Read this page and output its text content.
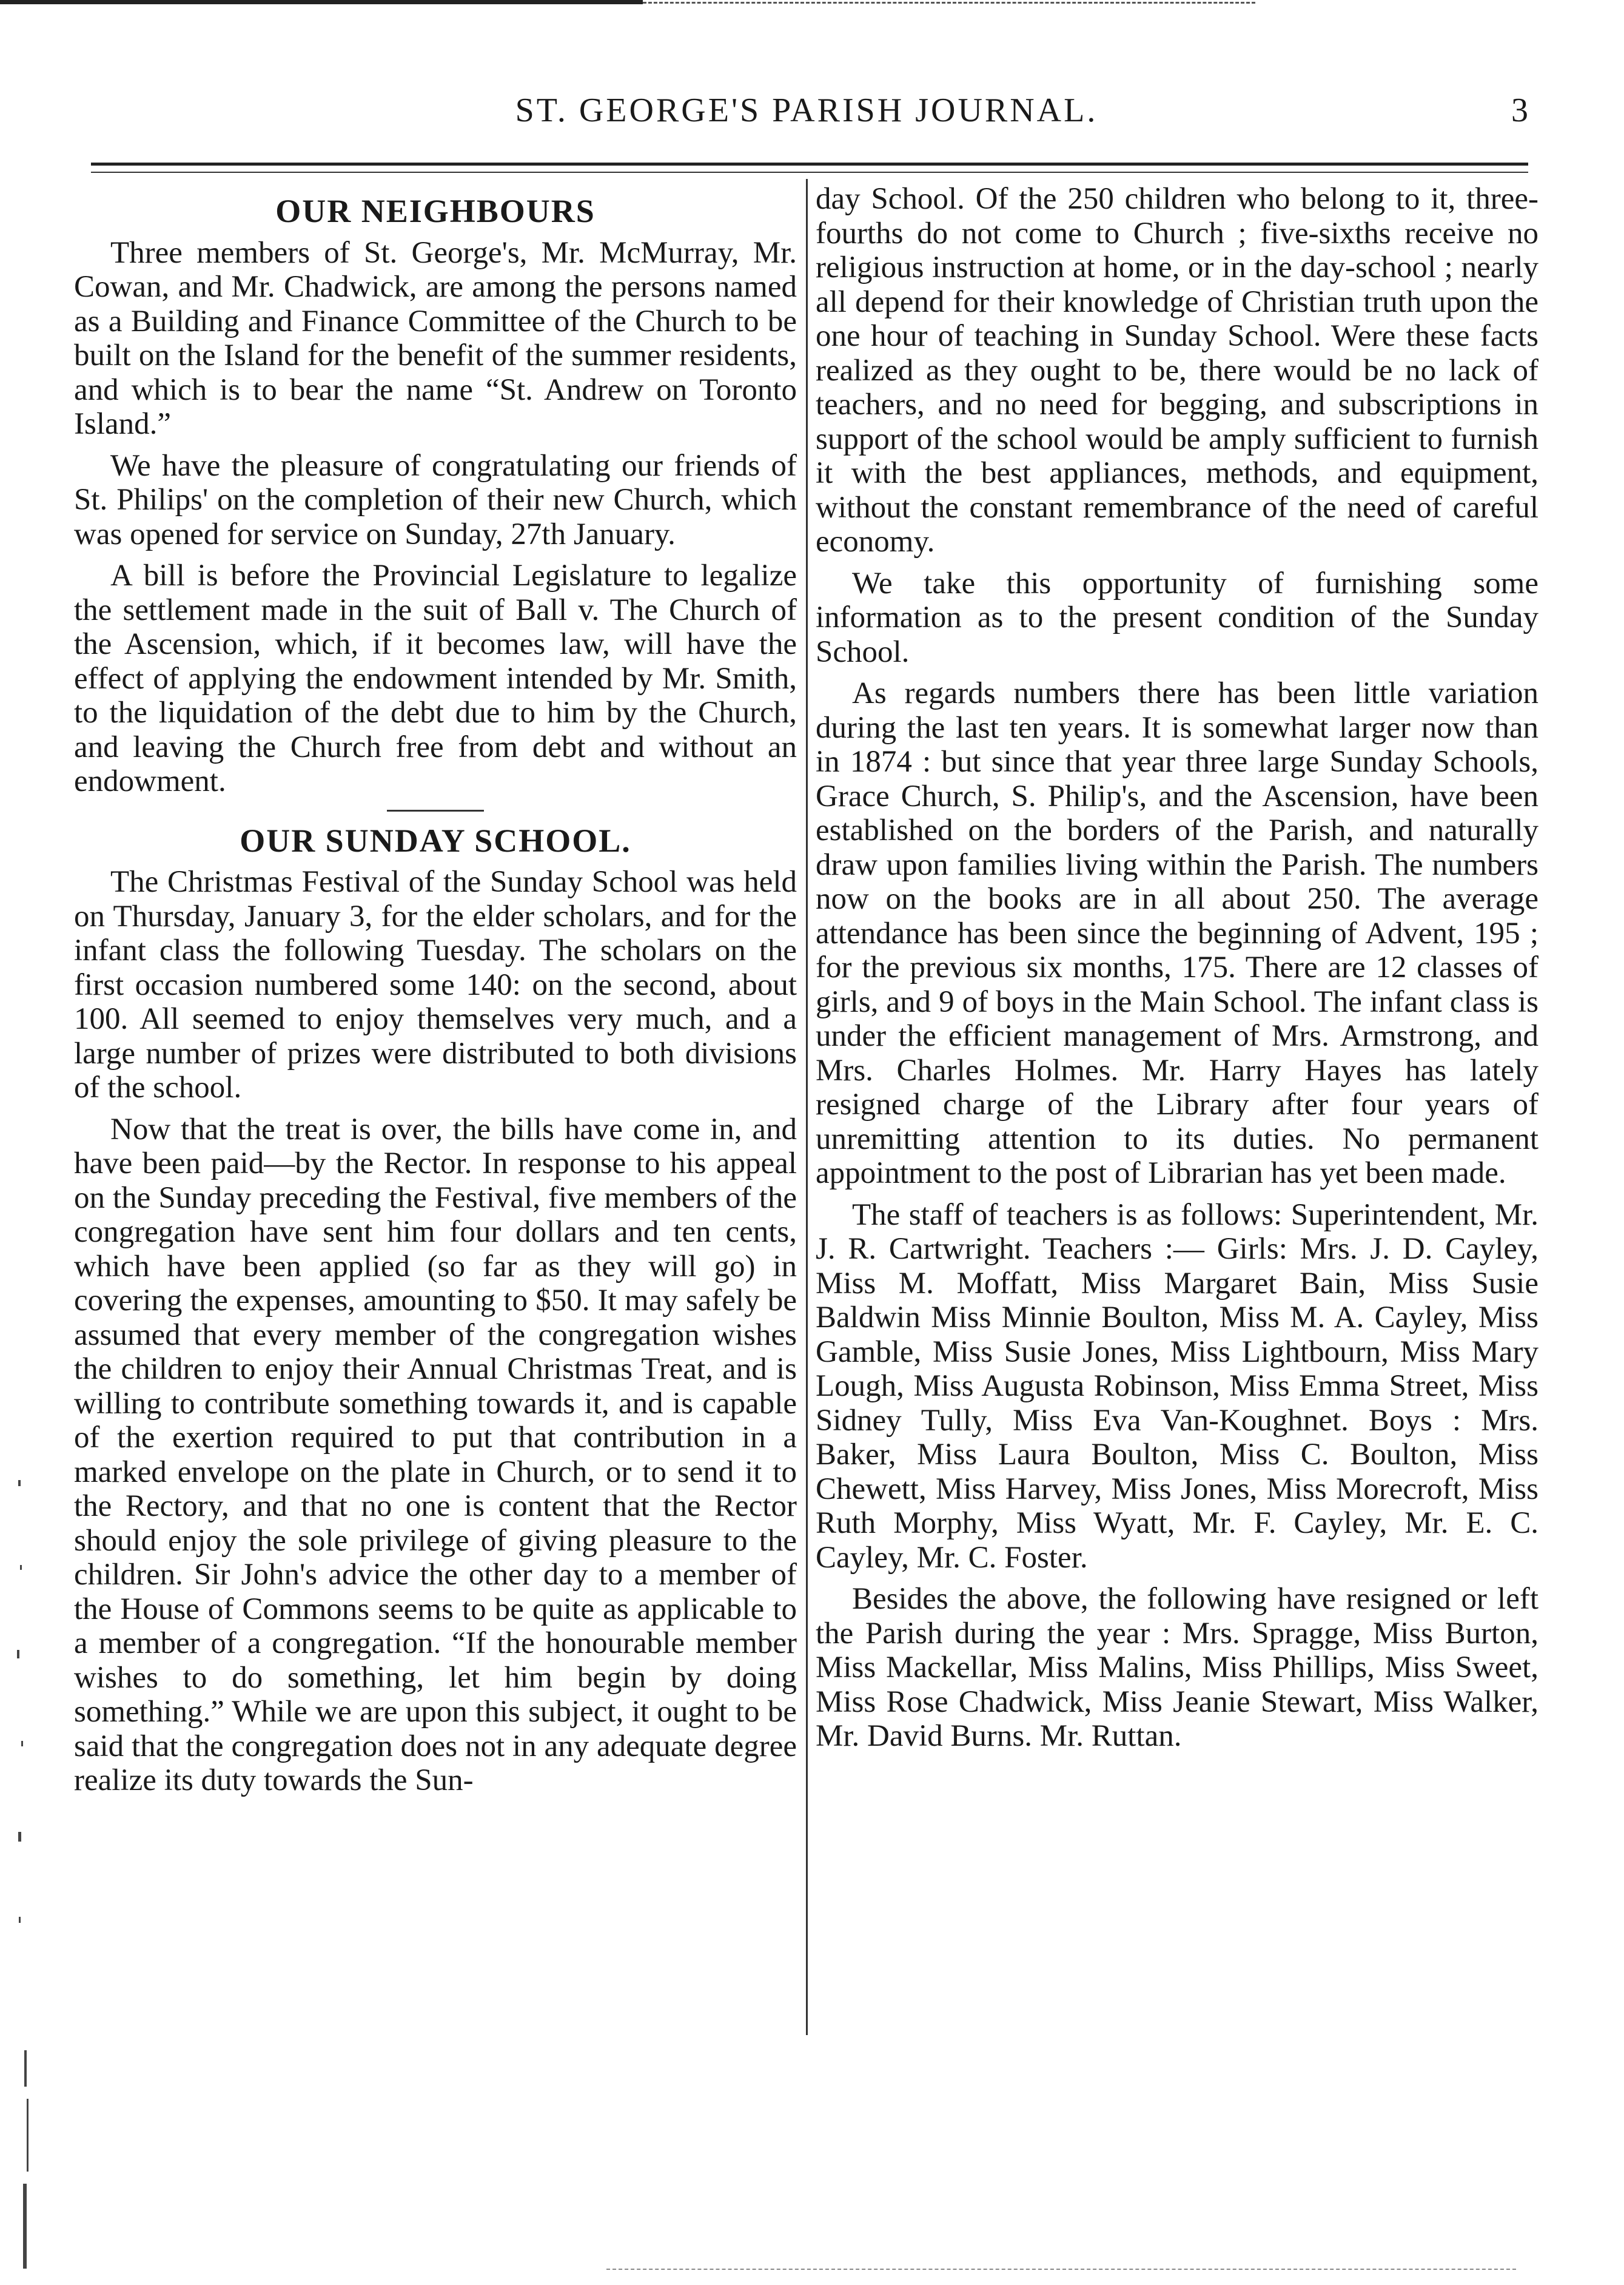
ST. GEORGE'S PARISH JOURNAL.	3
OUR NEIGHBOURS

Three members of St. George's, Mr. McMurray, Mr. Cowan, and Mr. Chadwick, are among the persons named as a Building and Finance Committee of the Church to be built on the Island for the benefit of the summer residents, and which is to bear the name “St. Andrew on Toronto Island.”

We have the pleasure of congratulating our friends of St. Philips' on the completion of their new Church, which was opened for service on Sunday, 27th January.

A bill is before the Provincial Legislature to legalize the settlement made in the suit of Ball v. The Church of the Ascension, which, if it becomes law, will have the effect of applying the endowment intended by Mr. Smith, to the liquidation of the debt due to him by the Church, and leaving the Church free from debt and without an endowment.

OUR SUNDAY SCHOOL.

The Christmas Festival of the Sunday School was held on Thursday, January 3, for the elder scholars, and for the infant class the following Tuesday. The scholars on the first occasion numbered some 140: on the second, about 100. All seemed to enjoy themselves very much, and a large number of prizes were distributed to both divisions of the school.

Now that the treat is over, the bills have come in, and have been paid—by the Rector. In response to his appeal on the Sunday preceding the Festival, five members of the congregation have sent him four dollars and ten cents, which have been applied (so far as they will go) in covering the expenses, amounting to $50. It may safely be assumed that every member of the congregation wishes the children to enjoy their Annual Christmas Treat, and is willing to contribute something towards it, and is capable of the exertion required to put that contribution in a marked envelope on the plate in Church, or to send it to the Rectory, and that no one is content that the Rector should enjoy the sole privilege of giving pleasure to the children. Sir John's advice the other day to a member of the House of Commons seems to be quite as applicable to a member of a congregation. “If the honourable member wishes to do something, let him begin by doing something.” While we are upon this subject, it ought to be said that the congregation does not in any adequate degree realize its duty towards the Sun-

day School. Of the 250 children who belong to it, three-fourths do not come to Church ; five-sixths receive no religious instruction at home, or in the day-school ; nearly all depend for their knowledge of Christian truth upon the one hour of teaching in Sunday School. Were these facts realized as they ought to be, there would be no lack of teachers, and no need for begging, and subscriptions in support of the school would be amply sufficient to furnish it with the best appliances, methods, and equipment, without the constant remembrance of the need of careful economy.

We take this opportunity of furnishing some information as to the present condition of the Sunday School.

As regards numbers there has been little variation during the last ten years. It is somewhat larger now than in 1874 : but since that year three large Sunday Schools, Grace Church, S. Philip's, and the Ascension, have been established on the borders of the Parish, and naturally draw upon families living within the Parish. The numbers now on the books are in all about 250. The average attendance has been since the beginning of Advent, 195 ; for the previous six months, 175. There are 12 classes of girls, and 9 of boys in the Main School. The infant class is under the efficient management of Mrs. Armstrong, and Mrs. Charles Holmes. Mr. Harry Hayes has lately resigned charge of the Library after four years of unremitting attention to its duties. No permanent appointment to the post of Librarian has yet been made.

The staff of teachers is as follows: Superintendent, Mr. J. R. Cartwright. Teachers :— Girls: Mrs. J. D. Cayley, Miss M. Moffatt, Miss Margaret Bain, Miss Susie Baldwin Miss Minnie Boulton, Miss M. A. Cayley, Miss Gamble, Miss Susie Jones, Miss Lightbourn, Miss Mary Lough, Miss Augusta Robinson, Miss Emma Street, Miss Sidney Tully, Miss Eva Van-Koughnet. Boys : Mrs. Baker, Miss Laura Boulton, Miss C. Boulton, Miss Chewett, Miss Harvey, Miss Jones, Miss Morecroft, Miss Ruth Morphy, Miss Wyatt, Mr. F. Cayley, Mr. E. C. Cayley, Mr. C. Foster.

Besides the above, the following have resigned or left the Parish during the year : Mrs. Spragge, Miss Burton, Miss Mackellar, Miss Malins, Miss Phillips, Miss Sweet, Miss Rose Chadwick, Miss Jeanie Stewart, Miss Walker, Mr. David Burns. Mr. Ruttan.
